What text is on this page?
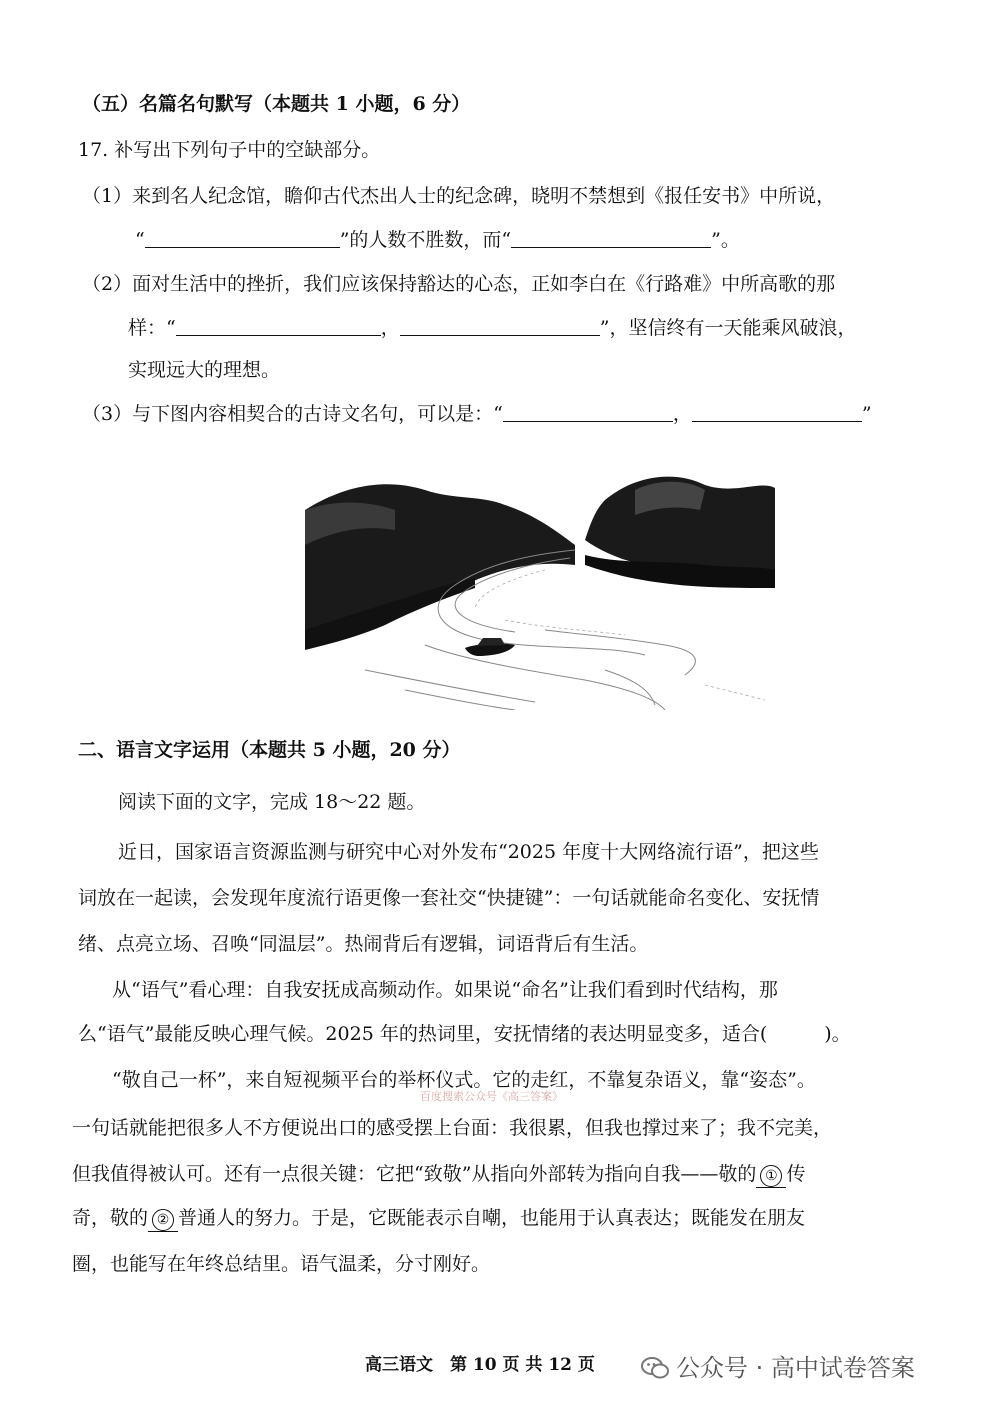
（五）名篇名句默写（本题共 1 小题，6 分）
17. 补写出下列句子中的空缺部分。
（1）来到名人纪念馆，瞻仰古代杰出人士的纪念碑，晓明不禁想到《报任安书》中所说，
“	”的人数不胜数，而“	”。
（2）面对生活中的挫折，我们应该保持豁达的心态，正如李白在《行路难》中所高歌的那
样：“	，	”，坚信终有一天能乘风破浪，
实现远大的理想。
（3）与下图内容相契合的古诗文名句，可以是：“	，	”
二、语言文字运用（本题共 5 小题，20 分）
阅读下面的文字，完成 18～22 题。
近日，国家语言资源监测与研究中心对外发布“2025 年度十大网络流行语”，把这些
词放在一起读，会发现年度流行语更像一套社交“快捷键”：一句话就能命名变化、安抚情
绪、点亮立场、召唤“同温层”。热闹背后有逻辑，词语背后有生活。
从“语气”看心理：自我安抚成高频动作。如果说“命名”让我们看到时代结构，那
么“语气”最能反映心理气候。2025 年的热词里，安抚情绪的表达明显变多，适合(　　　)。
“敬自己一杯”，来自短视频平台的举杯仪式。它的走红，不靠复杂语义，靠“姿态”。
百度搜索公众号《高三答案》
一句话就能把很多人不方便说出口的感受摆上台面：我很累，但我也撑过来了；我不完美，
但我值得被认可。还有一点很关键：它把“致敬”从指向外部转为指向自我——敬的 ① 传
奇，敬的 ② 普通人的努力。于是，它既能表示自嘲，也能用于认真表达；既能发在朋友
圈，也能写在年终总结里。语气温柔，分寸刚好。
高三语文　第 10 页 共 12 页	公众号 · 高中试卷答案
